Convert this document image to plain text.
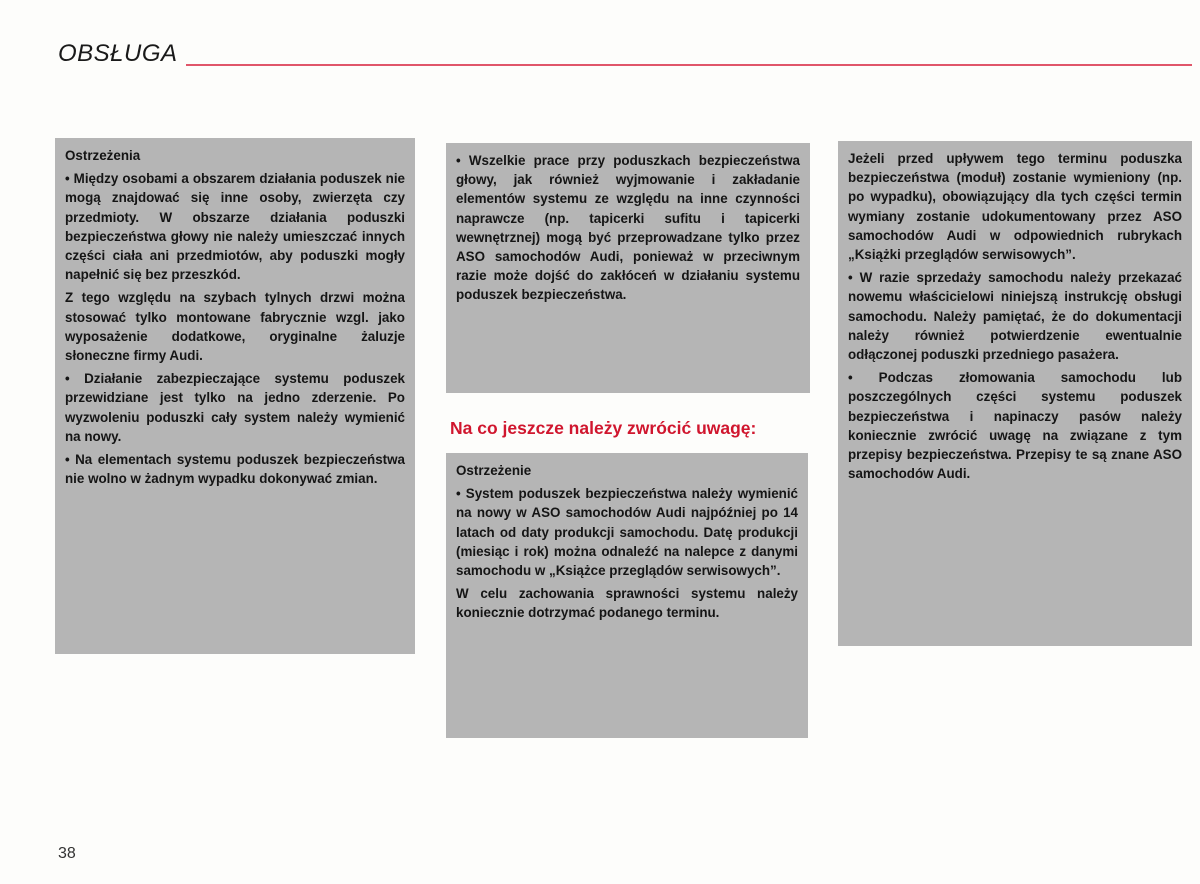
OBSŁUGA

Ostrzeżenia

• Między osobami a obszarem działania poduszek nie mogą znajdować się inne osoby, zwierzęta czy przedmioty. W obszarze działania poduszki bezpieczeństwa głowy nie należy umieszczać innych części ciała ani przedmiotów, aby poduszki mogły napełnić się bez przeszkód.

Z tego względu na szybach tylnych drzwi można stosować tylko montowane fabrycznie wzgl. jako wyposażenie dodatkowe, oryginalne żaluzje słoneczne firmy Audi.

• Działanie zabezpieczające systemu poduszek przewidziane jest tylko na jedno zderzenie. Po wyzwoleniu poduszki cały system należy wymienić na nowy.

• Na elementach systemu poduszek bezpieczeństwa nie wolno w żadnym wypadku dokonywać zmian.

• Wszelkie prace przy poduszkach bezpieczeństwa głowy, jak również wyjmowanie i zakładanie elementów systemu ze względu na inne czynności naprawcze (np. tapicerki sufitu i tapicerki wewnętrznej) mogą być przeprowadzane tylko przez ASO samochodów Audi, ponieważ w przeciwnym razie może dojść do zakłóceń w działaniu systemu poduszek bezpieczeństwa.

Na co jeszcze należy zwrócić uwagę:

Ostrzeżenie

• System poduszek bezpieczeństwa należy wymienić na nowy w ASO samochodów Audi najpóźniej po 14 latach od daty produkcji samochodu. Datę produkcji (miesiąc i rok) można odnaleźć na nalepce z danymi samochodu w „Książce przeglądów serwisowych”.

W celu zachowania sprawności systemu należy koniecznie dotrzymać podanego terminu.

Jeżeli przed upływem tego terminu poduszka bezpieczeństwa (moduł) zostanie wymieniony (np. po wypadku), obowiązujący dla tych części termin wymiany zostanie udokumentowany przez ASO samochodów Audi w odpowiednich rubrykach „Książki przeglądów serwisowych”.

• W razie sprzedaży samochodu należy przekazać nowemu właścicielowi niniejszą instrukcję obsługi samochodu. Należy pamiętać, że do dokumentacji należy również potwierdzenie ewentualnie odłączonej poduszki przedniego pasażera.

• Podczas złomowania samochodu lub poszczególnych części systemu poduszek bezpieczeństwa i napinaczy pasów należy koniecznie zwrócić uwagę na związane z tym przepisy bezpieczeństwa. Przepisy te są znane ASO samochodów Audi.

38
